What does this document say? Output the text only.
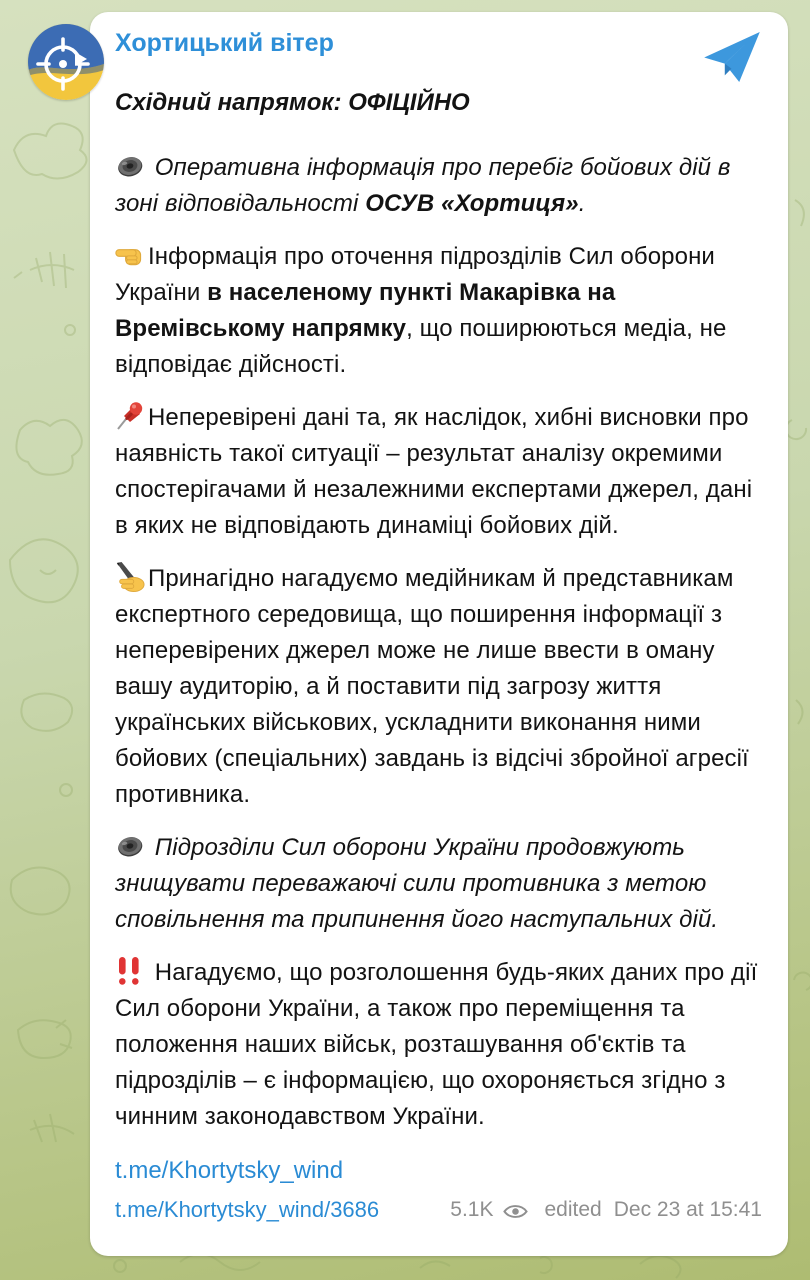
Хортицький вітер
Східний напрямок: ОФІЦІЙНО
Оперативна інформація про перебіг бойових дій в зоні відповідальності ОСУВ «Хортиця».
Інформація про оточення підрозділів Сил оборони України в населеному пункті Макарівка на Времівському напрямку, що поширюються медіа, не відповідає дійсності.
Неперевірені дані та, як наслідок, хибні висновки про наявність такої ситуації – результат аналізу окремими спостерігачами й незалежними експертами джерел, дані в яких не відповідають динаміці бойових дій.
Принагідно нагадуємо медійникам й представникам експертного середовища, що поширення інформації з неперевірених джерел може не лише ввести в оману вашу аудиторію, а й поставити під загрозу життя українських військових, ускладнити виконання ними бойових (спеціальних) завдань із відсічі збройної агресії противника.
Підрозділи Сил оборони України продовжують знищувати переважаючі сили противника з метою сповільнення та припинення його наступальних дій.
Нагадуємо, що розголошення будь-яких даних про дії Сил оборони України, а також про переміщення та положення наших військ, розташування об'єктів та підрозділів – є інформацією, що охороняється згідно з чинним законодавством України.
t.me/Khortytsky_wind
t.me/Khortytsky_wind/3686	5.1K edited Dec 23 at 15:41
